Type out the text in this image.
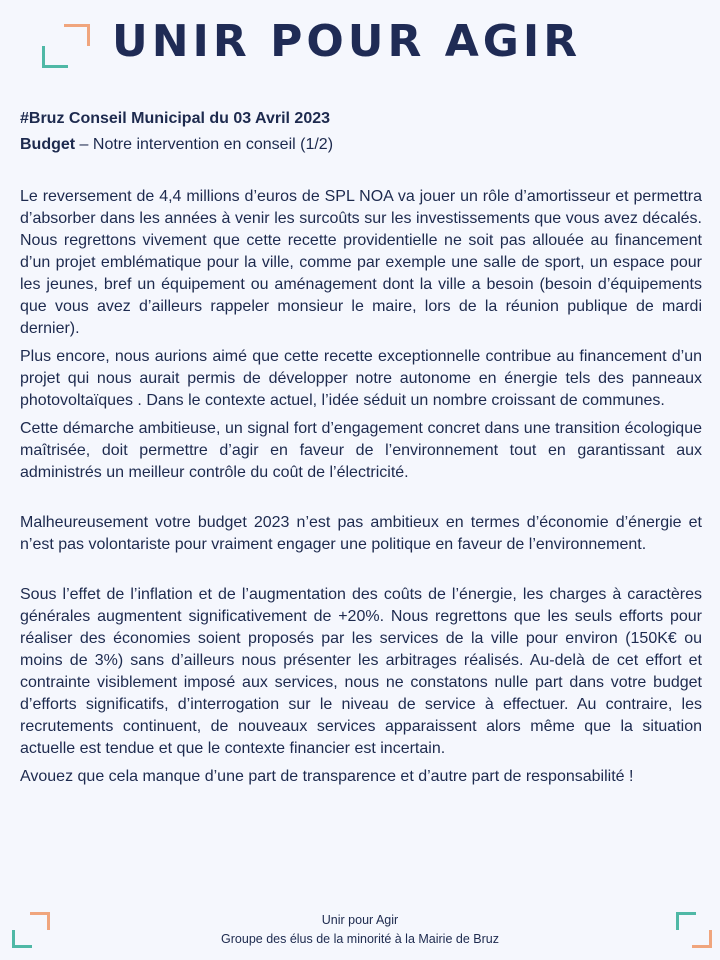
UNIR POUR AGIR
#Bruz Conseil Municipal du 03 Avril 2023
Budget – Notre intervention en conseil (1/2)

Le reversement de 4,4 millions d’euros de SPL NOA va jouer un rôle d’amortisseur et permettra d’absorber dans les années à venir les surcoûts sur les investissements que vous avez décalés. Nous regrettons vivement que cette recette providentielle ne soit pas allouée au financement d’un projet emblématique pour la ville, comme par exemple une salle de sport, un espace pour les jeunes, bref un équipement ou aménagement dont la ville a besoin (besoin d’équipements que vous avez d’ailleurs rappeler monsieur le maire, lors de la réunion publique de mardi dernier).

Plus encore, nous aurions aimé que cette recette exceptionnelle contribue au financement d’un projet qui nous aurait permis de développer notre autonome en énergie tels des panneaux photovoltaïques . Dans le contexte actuel, l’idée séduit un nombre croissant de communes.

Cette démarche ambitieuse, un signal fort d’engagement concret dans une transition écologique maîtrisée, doit permettre d’agir en faveur de l’environnement tout en garantissant aux administrés un meilleur contrôle du coût de l’électricité.

Malheureusement votre budget 2023 n’est pas ambitieux en termes d’économie d’énergie et n’est pas volontariste pour vraiment engager une politique en faveur de l’environnement.

Sous l’effet de l’inflation et de l’augmentation des coûts de l’énergie, les charges à caractères générales augmentent significativement de +20%. Nous regrettons que les seuls efforts pour réaliser des économies soient proposés par les services de la ville pour environ (150K€ ou moins de 3%) sans d’ailleurs nous présenter les arbitrages réalisés. Au-delà de cet effort et contrainte visiblement imposé aux services, nous ne constatons nulle part dans votre budget d’efforts significatifs, d’interrogation sur le niveau de service à effectuer. Au contraire, les recrutements continuent, de nouveaux services apparaissent alors même que la situation actuelle est tendue et que le contexte financier est incertain.

Avouez que cela manque d’une part de transparence et d’autre part de responsabilité !

Unir pour Agir
Groupe des élus de la minorité à la Mairie de Bruz
